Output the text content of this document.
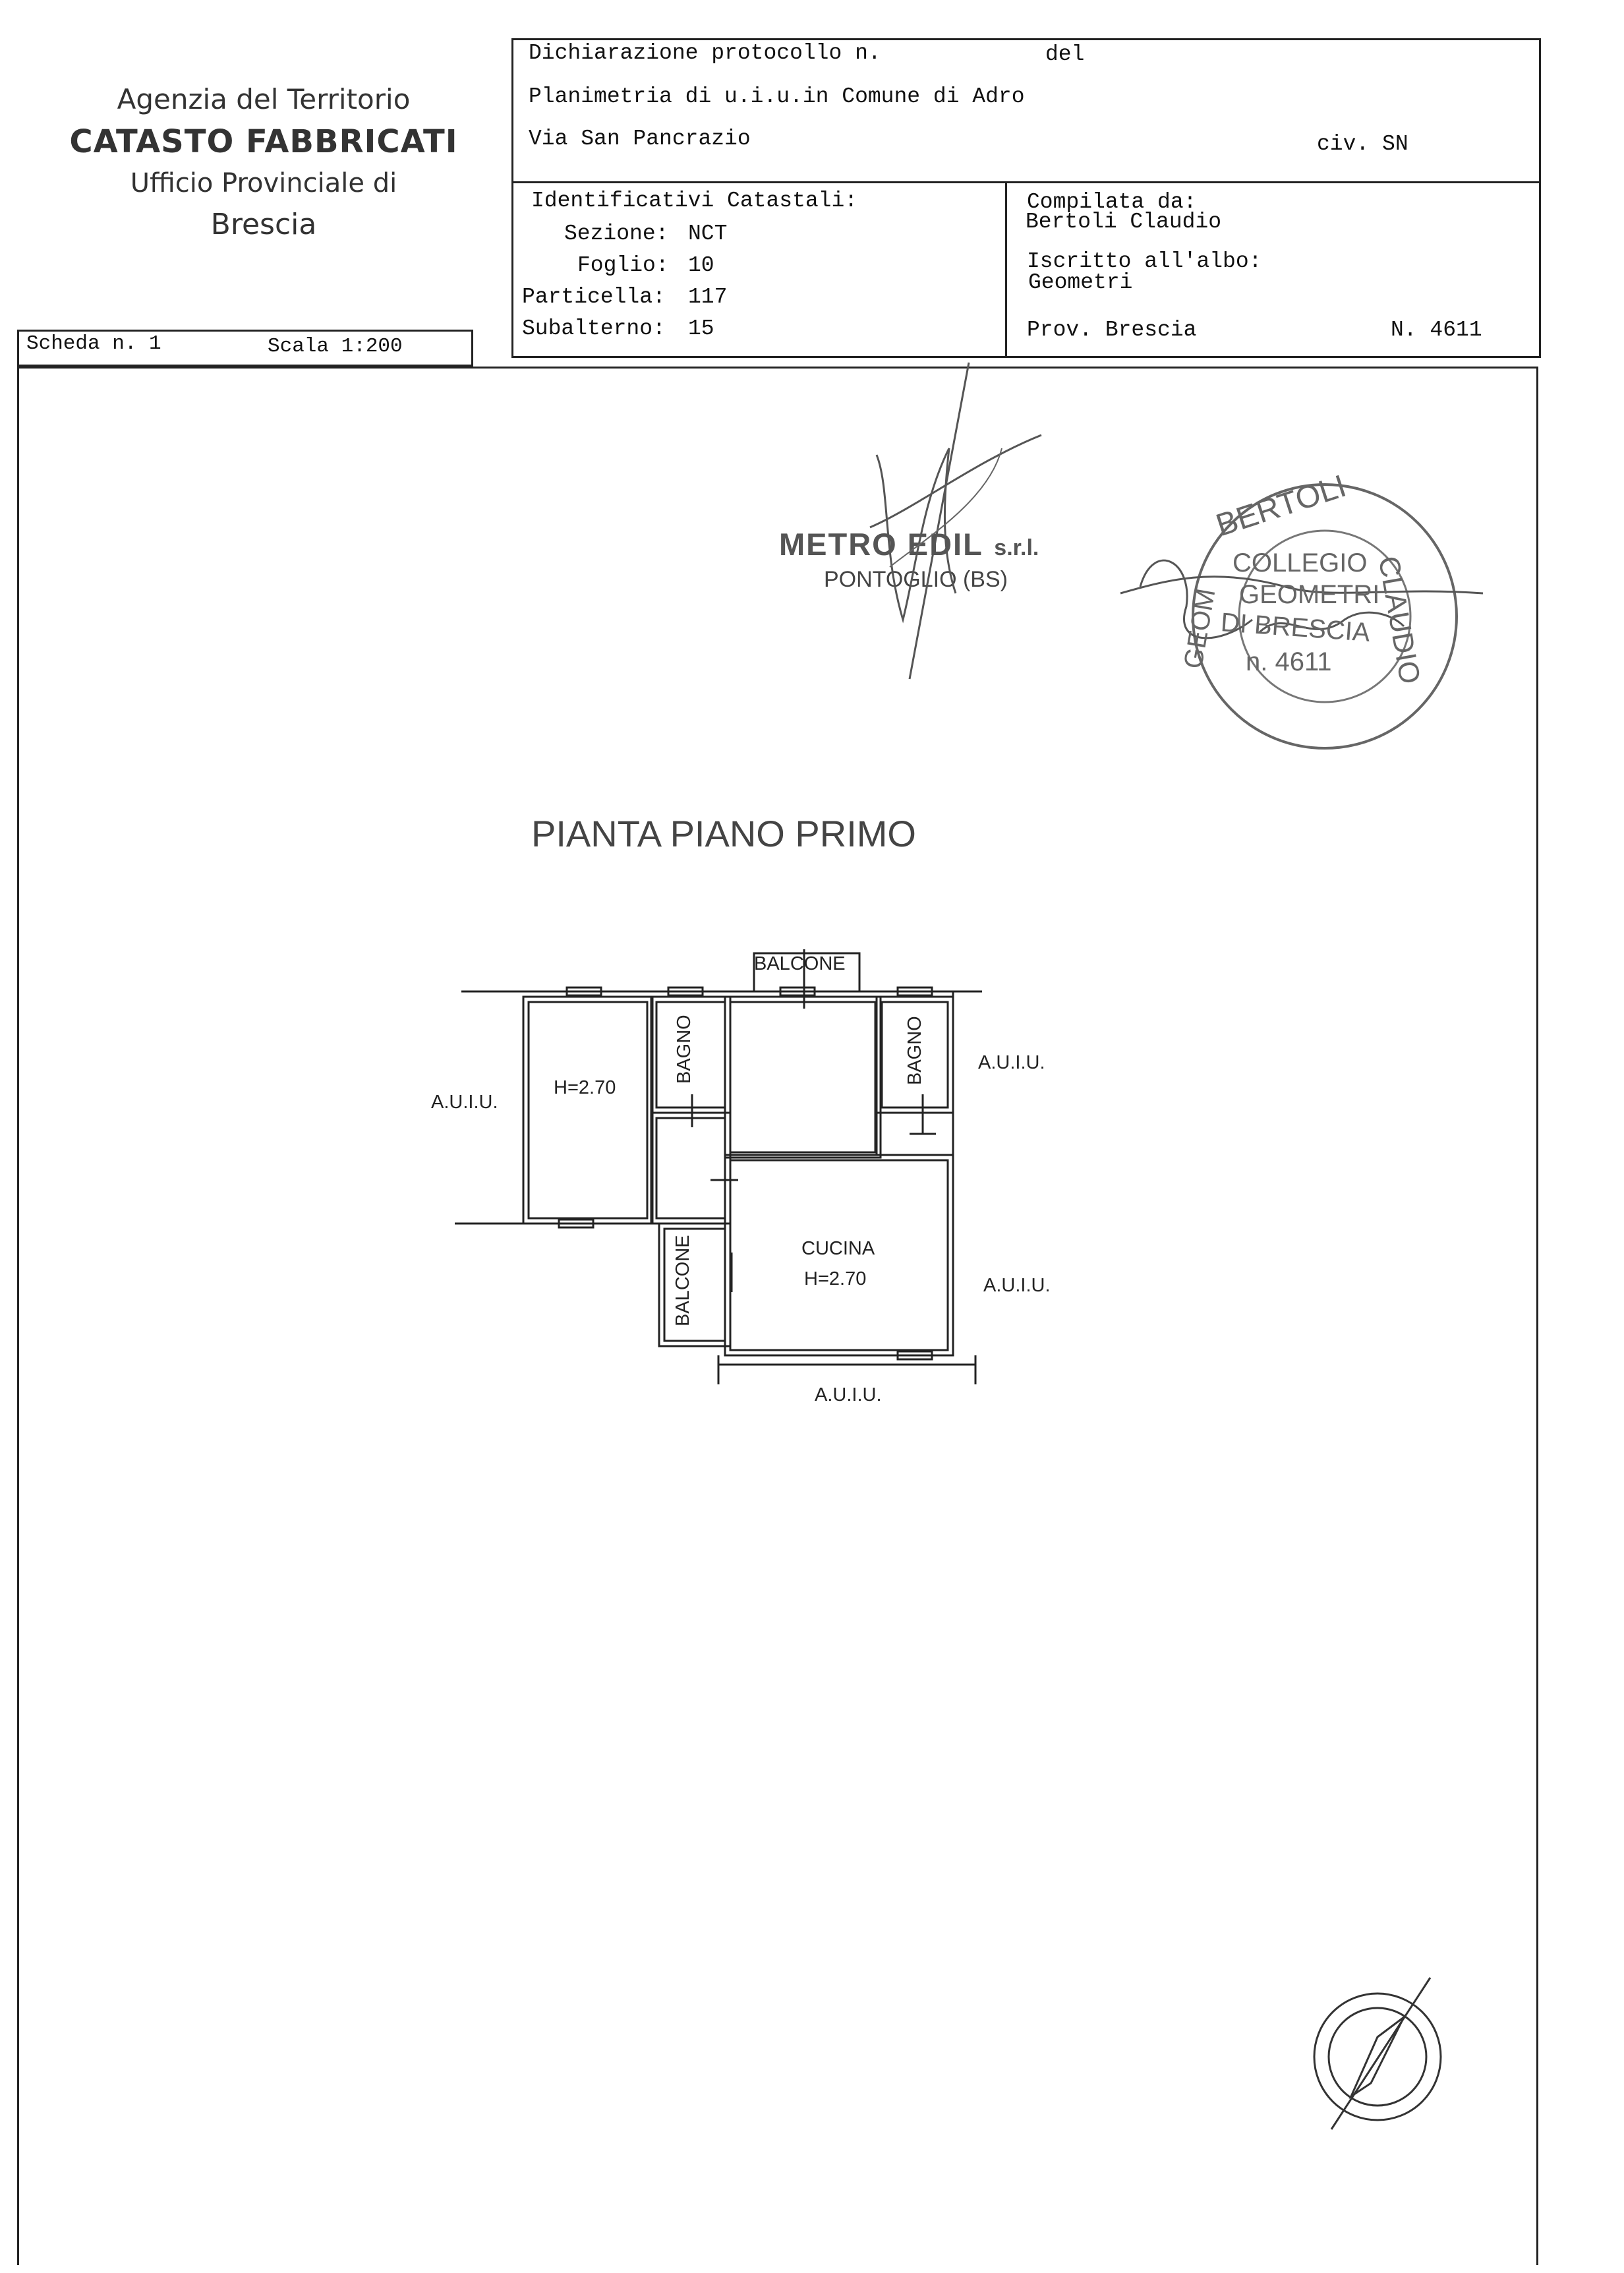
Agenzia del Territorio
CATASTO FABBRICATI
Ufficio Provinciale di
Brescia
Dichiarazione protocollo n.	del
Planimetria di u.i.u.in Comune di Adro
Via San Pancrazio	civ. SN
Identificativi Catastali:
Sezione: NCT
Foglio: 10
Particella: 117
Subalterno: 15
Compilata da:
Bertoli Claudio
Iscritto all'albo:
Geometri
Prov. Brescia	N. 4611
Scheda n. 1	Scala 1:200
METRO EDIL s.r.l.
PONTOGLIO (BS)
BERTOLI
CLAUDIO
GEOM
COLLEGIO
GEOMETRI
DI BRESCIA
n. 4611
PIANTA PIANO PRIMO
BALCONE
BAGNO	BAGNO
H=2.70
CUCINA
H=2.70
BALCONE
A.U.I.U.
A.U.I.U.
A.U.I.U.
A.U.I.U.
